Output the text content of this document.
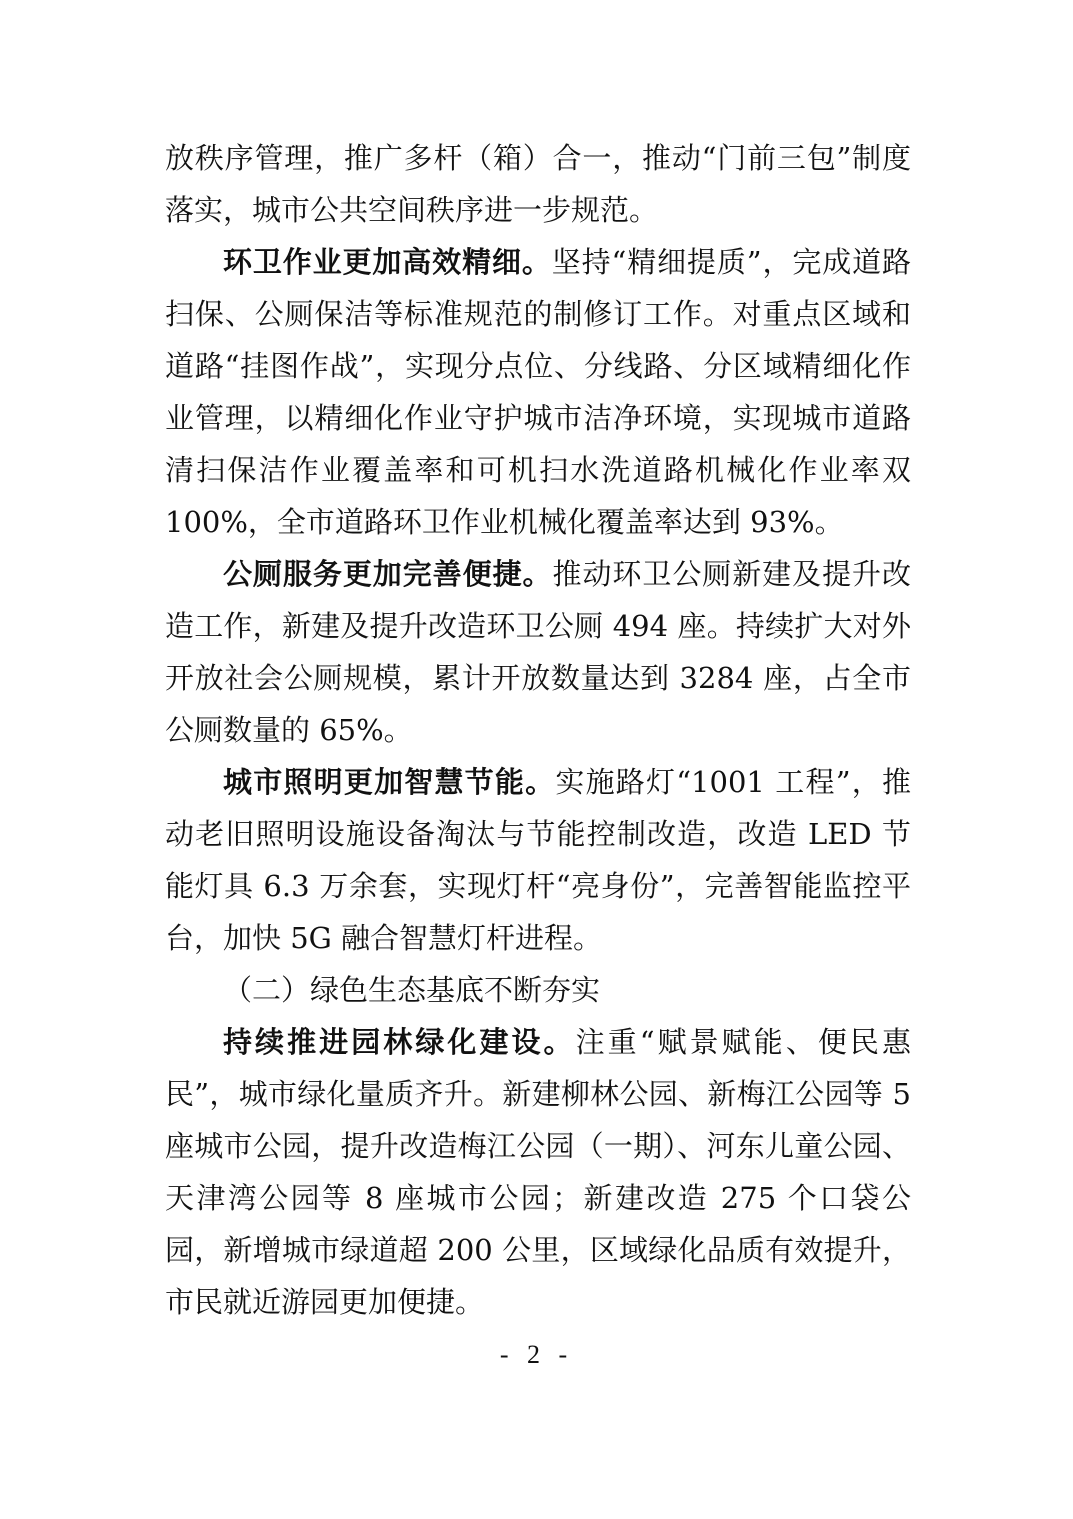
放秩序管理，推广多杆（箱）合一，推动“门前三包”制度落实，城市公共空间秩序进一步规范。

环卫作业更加高效精细。坚持“精细提质”，完成道路扫保、公厕保洁等标准规范的制修订工作。对重点区域和道路“挂图作战”，实现分点位、分线路、分区域精细化作业管理，以精细化作业守护城市洁净环境，实现城市道路清扫保洁作业覆盖率和可机扫水洗道路机械化作业率双 100%，全市道路环卫作业机械化覆盖率达到 93%。

公厕服务更加完善便捷。推动环卫公厕新建及提升改造工作，新建及提升改造环卫公厕 494 座。持续扩大对外开放社会公厕规模，累计开放数量达到 3284 座，占全市公厕数量的 65%。

城市照明更加智慧节能。实施路灯“1001 工程”，推动老旧照明设施设备淘汰与节能控制改造，改造 LED 节能灯具 6.3 万余套，实现灯杆“亮身份”，完善智能监控平台，加快 5G 融合智慧灯杆进程。

（二）绿色生态基底不断夯实

持续推进园林绿化建设。注重“赋景赋能、便民惠民”，城市绿化量质齐升。新建柳林公园、新梅江公园等 5 座城市公园，提升改造梅江公园（一期）、河东儿童公园、天津湾公园等 8 座城市公园；新建改造 275 个口袋公园，新增城市绿道超 200 公里，区域绿化品质有效提升，市民就近游园更加便捷。

- 2 -
